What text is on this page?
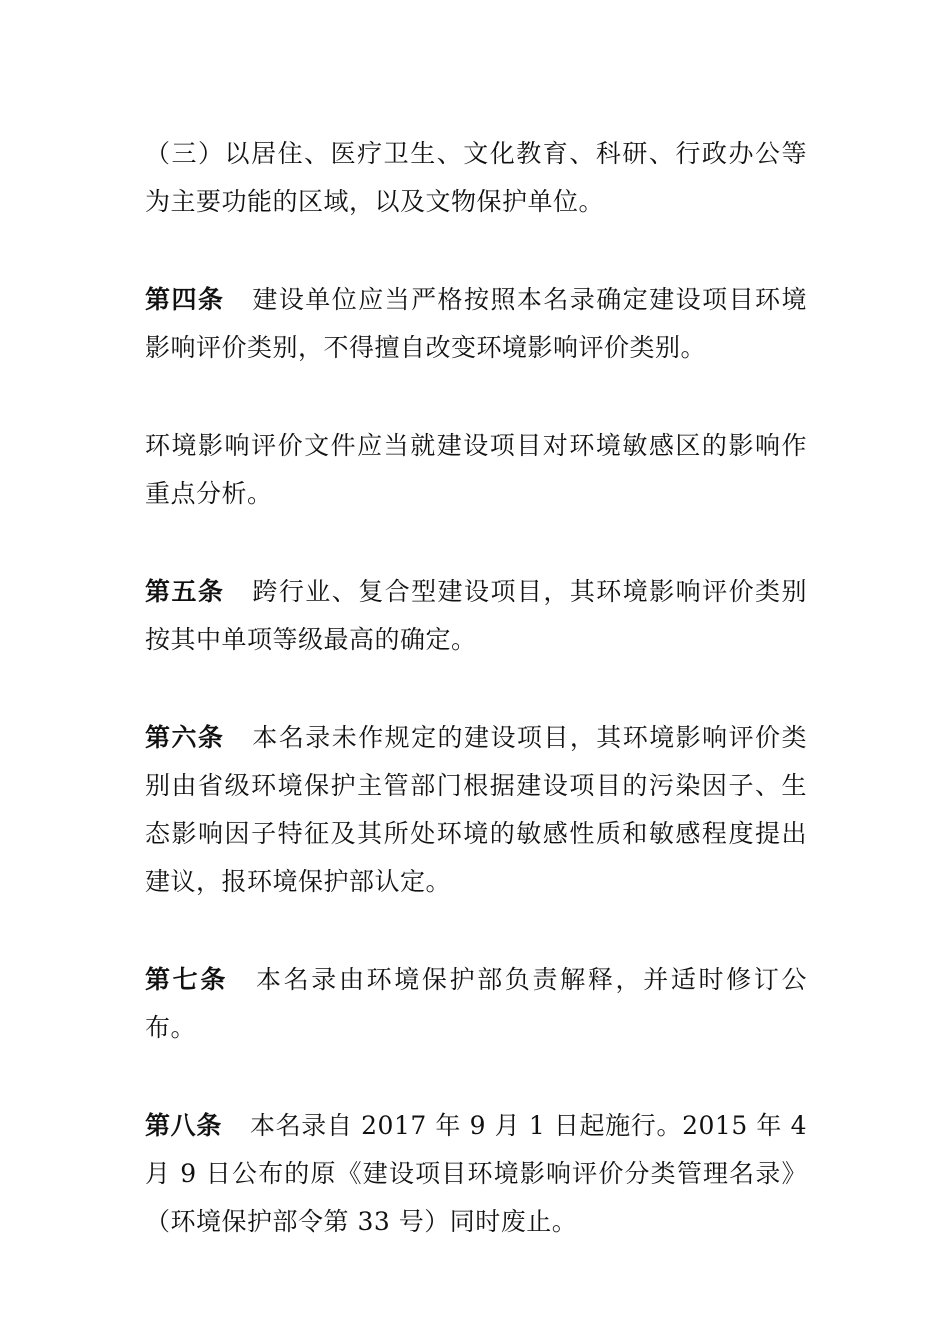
（三）以居住、医疗卫生、文化教育、科研、行政办公等为主要功能的区域，以及文物保护单位。

第四条 建设单位应当严格按照本名录确定建设项目环境影响评价类别，不得擅自改变环境影响评价类别。

环境影响评价文件应当就建设项目对环境敏感区的影响作重点分析。

第五条 跨行业、复合型建设项目，其环境影响评价类别按其中单项等级最高的确定。

第六条 本名录未作规定的建设项目，其环境影响评价类别由省级环境保护主管部门根据建设项目的污染因子、生态影响因子特征及其所处环境的敏感性质和敏感程度提出建议，报环境保护部认定。

第七条 本名录由环境保护部负责解释，并适时修订公布。

第八条 本名录自 2017 年 9 月 1 日起施行。2015 年 4 月 9 日公布的原《建设项目环境影响评价分类管理名录》（环境保护部令第 33 号）同时废止。
